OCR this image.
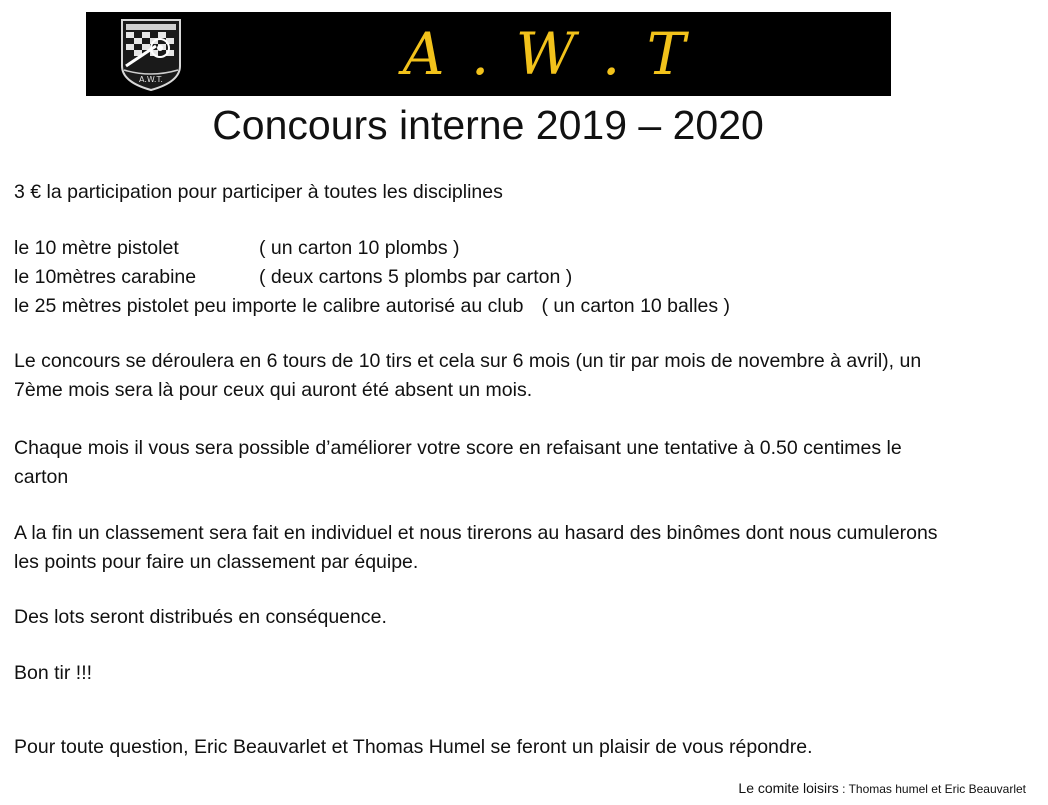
A.W.T.	A . W . T
Concours interne 2019 – 2020
3 € la participation pour participer à toutes les disciplines
le 10 mètre pistolet	( un carton 10 plombs )
le 10mètres carabine	( deux cartons 5 plombs par carton )
le 25 mètres pistolet peu importe le calibre autorisé au club ( un carton 10 balles )
Le concours se déroulera en 6 tours de 10 tirs et cela sur 6 mois (un tir par mois de novembre à avril), un
7ème mois sera là pour ceux qui auront été absent un mois.
Chaque mois il vous sera possible d’améliorer votre score en refaisant une tentative à 0.50 centimes le
carton
A la fin un classement sera fait en individuel et nous tirerons au hasard des binômes dont nous cumulerons
les points pour faire un classement par équipe.
Des lots seront distribués en conséquence.
Bon tir !!!
Pour toute question, Eric Beauvarlet et Thomas Humel se feront un plaisir de vous répondre.
Le comite loisirs : Thomas humel et Eric Beauvarlet
